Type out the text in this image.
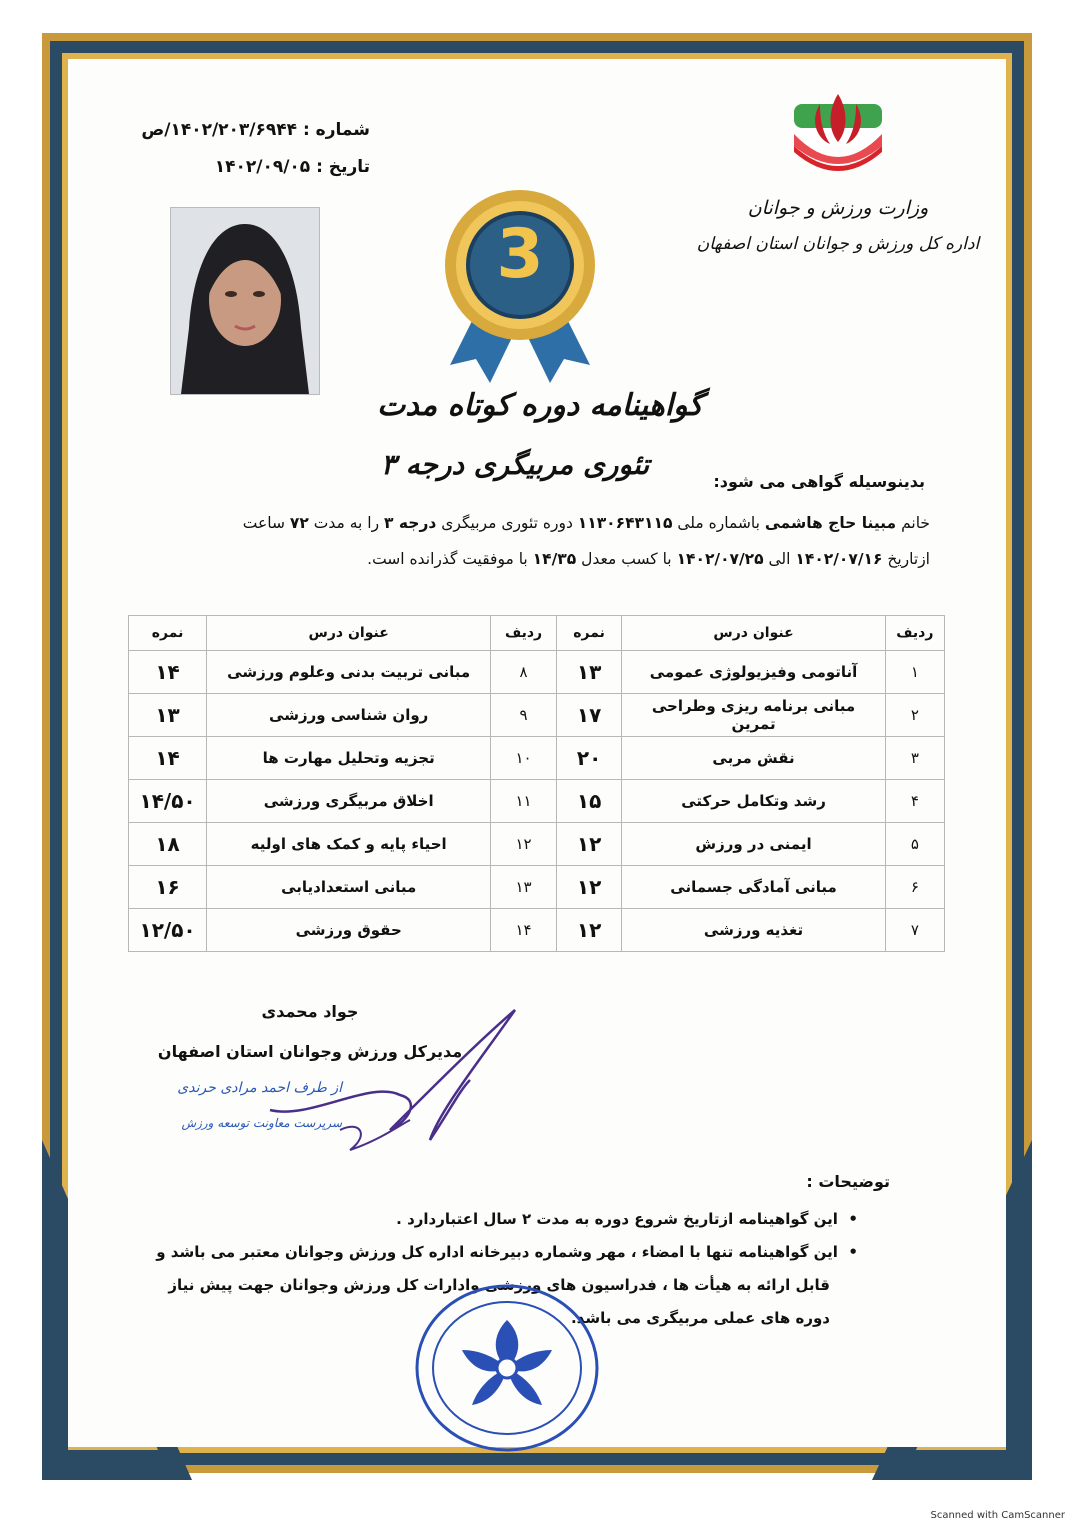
شماره : ۱۴۰۲/۲۰۳/۶۹۴۴/ص
تاریخ : ۱۴۰۲/۰۹/۰۵
وزارت ورزش و جوانان
اداره کل ورزش و جوانان استان اصفهان
3
گواهینامه دوره کوتاه مدت
تئوری مربیگری درجه ۳
بدینوسیله گواهی می شود:
خانم مبینا حاج هاشمی باشماره ملی ۱۱۳۰۶۴۳۱۱۵ دوره تئوری مربیگری درجه ۳ را به مدت ۷۲ ساعت
ازتاریخ ۱۴۰۲/۰۷/۱۶ الی ۱۴۰۲/۰۷/۲۵ با کسب معدل ۱۴/۳۵ با موفقیت گذرانده است.
ردیف	عنوان درس	نمره	ردیف	عنوان درس	نمره
۱	آناتومی وفیزیولوژی عمومی	۱۳	۸	مبانی تربیت بدنی وعلوم ورزشی	۱۴
۲	مبانی برنامه ریزی وطراحی تمرین	۱۷	۹	روان شناسی ورزشی	۱۳
۳	نقش مربی	۲۰	۱۰	تجزیه وتحلیل مهارت ها	۱۴
۴	رشد وتکامل حرکتی	۱۵	۱۱	اخلاق مربیگری ورزشی	۱۴/۵۰
۵	ایمنی در ورزش	۱۲	۱۲	احیاء پایه و کمک های اولیه	۱۸
۶	مبانی آمادگی جسمانی	۱۲	۱۳	مبانی استعدادیابی	۱۶
۷	تغذیه ورزشی	۱۲	۱۴	حقوق ورزشی	۱۲/۵۰
جواد محمدی
مدیرکل ورزش وجوانان استان اصفهان
از طرف احمد مرادی حرندی
سرپرست معاونت توسعه ورزش
توضیحات :
•  این گواهینامه ازتاریخ شروع دوره به مدت ۲ سال اعتباردارد .
•  این گواهینامه تنها با امضاء ، مهر وشماره دبیرخانه اداره کل ورزش وجوانان معتبر می باشد و
قابل ارائه به هیأت ها ، فدراسیون های ورزشی وادارات کل ورزش وجوانان جهت پیش نیاز
دوره های عملی مربیگری می باشد.
Scanned with CamScanner
